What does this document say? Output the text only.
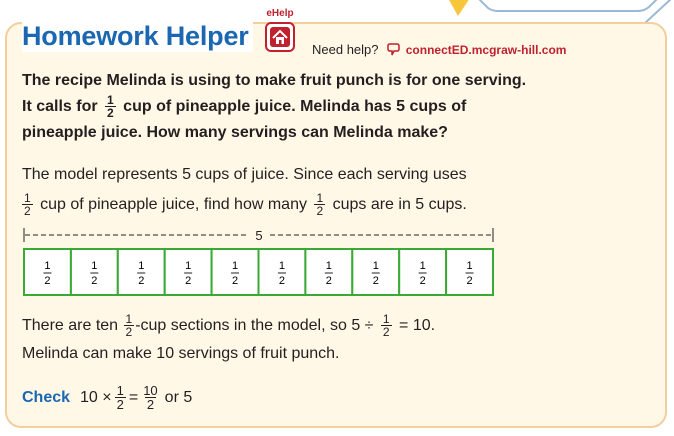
Homework Helper
eHelp
Need help? connectED.mcgraw-hill.com
The recipe Melinda is using to make fruit punch is for one serving.
It calls for $\frac{1}{2}$ cup of pineapple juice. Melinda has 5 cups of
pineapple juice. How many servings can Melinda make?
The model represents 5 cups of juice. Since each serving uses
$\frac{1}{2}$ cup of pineapple juice, find how many $\frac{1}{2}$ cups are in 5 cups.
5
1
2
1
2
1
2
1
2
1
2
1
2
1
2
1
2
1
2
1
2
There are ten $\frac{1}{2} -cup$ sections in the model, so $5 \div \frac{1}{2} = 10$.
Melinda can make 10 servings of fruit punch.
Check $10 \times \frac{1}{2} = \frac{10}{2}$ or 5
